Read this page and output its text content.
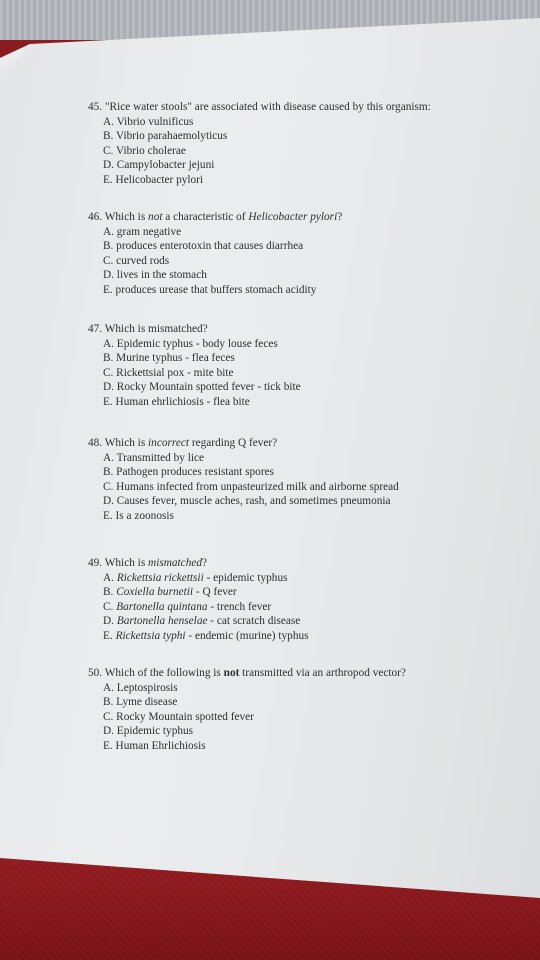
45. "Rice water stools" are associated with disease caused by this organism:
A. Vibrio vulnificus
B. Vibrio parahaemolyticus
C. Vibrio cholerae
D. Campylobacter jejuni
E. Helicobacter pylori
46. Which is not a characteristic of Helicobacter pylori?
A. gram negative
B. produces enterotoxin that causes diarrhea
C. curved rods
D. lives in the stomach
E. produces urease that buffers stomach acidity
47. Which is mismatched?
A. Epidemic typhus - body louse feces
B. Murine typhus - flea feces
C. Rickettsial pox - mite bite
D. Rocky Mountain spotted fever - tick bite
E. Human ehrlichiosis - flea bite
48. Which is incorrect regarding Q fever?
A. Transmitted by lice
B. Pathogen produces resistant spores
C. Humans infected from unpasteurized milk and airborne spread
D. Causes fever, muscle aches, rash, and sometimes pneumonia
E. Is a zoonosis
49. Which is mismatched?
A. Rickettsia rickettsii - epidemic typhus
B. Coxiella burnetii - Q fever
C. Bartonella quintana - trench fever
D. Bartonella henselae - cat scratch disease
E. Rickettsia typhi - endemic (murine) typhus
50. Which of the following is not transmitted via an arthropod vector?
A. Leptospirosis
B. Lyme disease
C. Rocky Mountain spotted fever
D. Epidemic typhus
E. Human Ehrlichiosis
